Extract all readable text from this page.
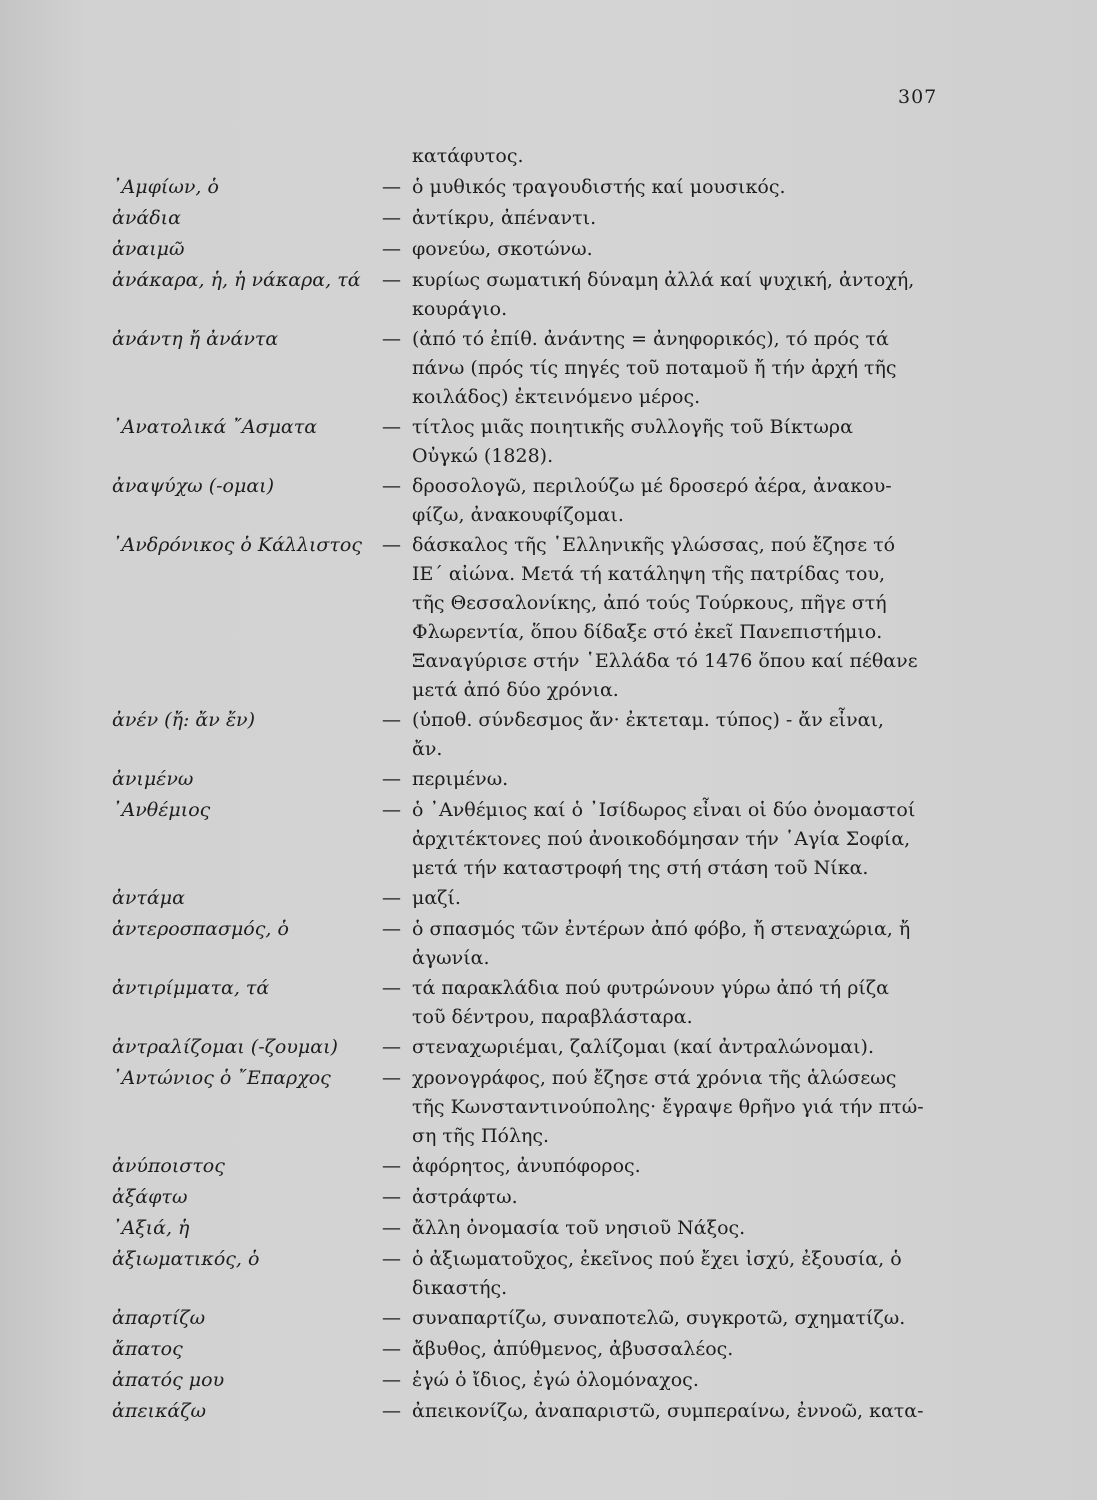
307
κατάφυτος.
᾿Αμφίων, ὁ	— ὁ μυθικός τραγουδιστής καί μουσικός.
ἀνάδια	— ἀντίκρυ, ἀπέναντι.
ἀναιμῶ	— φονεύω, σκοτώνω.
ἀνάκαρα, ἡ, ἡ νάκαρα, τά	— κυρίως σωματική δύναμη ἀλλά καί ψυχική, ἀντοχή,
κουράγιο.
ἀνάντη ἤ ἀνάντα	— (ἀπό τό ἐπίθ. ἀνάντης = ἀνηφορικός), τό πρός τά
πάνω (πρός τίς πηγές τοῦ ποταμοῦ ἤ τήν ἀρχή τῆς
κοιλάδος) ἐκτεινόμενο μέρος.
᾿Ανατολικά ῎Ασματα	— τίτλος μιᾶς ποιητικῆς συλλογῆς τοῦ Βίκτωρα
Οὐγκώ (1828).
ἀναψύχω (-ομαι)	— δροσολογῶ, περιλούζω μέ δροσερό ἀέρα, ἀνακου-
φίζω, ἀνακουφίζομαι.
᾿Ανδρόνικος ὁ Κάλλιστος	— δάσκαλος τῆς ῾Ελληνικῆς γλώσσας, πού ἔζησε τό
ΙΕ΄ αἰώνα. Μετά τή κατάληψη τῆς πατρίδας του,
τῆς Θεσσαλονίκης, ἀπό τούς Τούρκους, πῆγε στή
Φλωρεντία, ὅπου δίδαξε στό ἐκεῖ Πανεπιστήμιο.
Ξαναγύρισε στήν ῾Ελλάδα τό 1476 ὅπου καί πέθανε
μετά ἀπό δύο χρόνια.
ἀνέν (ἤ: ἄν ἔν)	— (ὑποθ. σύνδεσμος ἄν· ἐκτεταμ. τύπος) - ἄν εἶναι,
ἄν.
ἀνιμένω	— περιμένω.
᾿Ανθέμιος	— ὁ ᾿Ανθέμιος καί ὁ ᾿Ισίδωρος εἶναι οἱ δύο ὀνομαστοί
ἀρχιτέκτονες πού ἀνοικοδόμησαν τήν ῾Αγία Σοφία,
μετά τήν καταστροφή της στή στάση τοῦ Νίκα.
ἀντάμα	— μαζί.
ἀντεροσπασμός, ὁ	— ὁ σπασμός τῶν ἐντέρων ἀπό φόβο, ἤ στεναχώρια, ἤ
ἀγωνία.
ἀντιρίμματα, τά	— τά παρακλάδια πού φυτρώνουν γύρω ἀπό τή ρίζα
τοῦ δέντρου, παραβλάσταρα.
ἀντραλίζομαι (-ζουμαι)	— στεναχωριέμαι, ζαλίζομαι (καί ἀντραλώνομαι).
᾿Αντώνιος ὁ ῎Επαρχος	— χρονογράφος, πού ἔζησε στά χρόνια τῆς ἁλώσεως
τῆς Κωνσταντινούπολης· ἔγραψε θρῆνο γιά τήν πτώ-
ση τῆς Πόλης.
ἀνύποιστος	— ἀφόρητος, ἀνυπόφορος.
ἀξάφτω	— ἀστράφτω.
᾿Αξιά, ἡ	— ἄλλη ὀνομασία τοῦ νησιοῦ Νάξος.
ἀξιωματικός, ὁ	— ὁ ἀξιωματοῦχος, ἐκεῖνος πού ἔχει ἰσχύ, ἐξουσία, ὁ
δικαστής.
ἀπαρτίζω	— συναπαρτίζω, συναποτελῶ, συγκροτῶ, σχηματίζω.
ἄπατος	— ἄβυθος, ἀπύθμενος, ἀβυσσαλέος.
ἀπατός μου	— ἐγώ ὁ ἴδιος, ἐγώ ὁλομόναχος.
ἀπεικάζω	— ἀπεικονίζω, ἀναπαριστῶ, συμπεραίνω, ἐννοῶ, κατα-
